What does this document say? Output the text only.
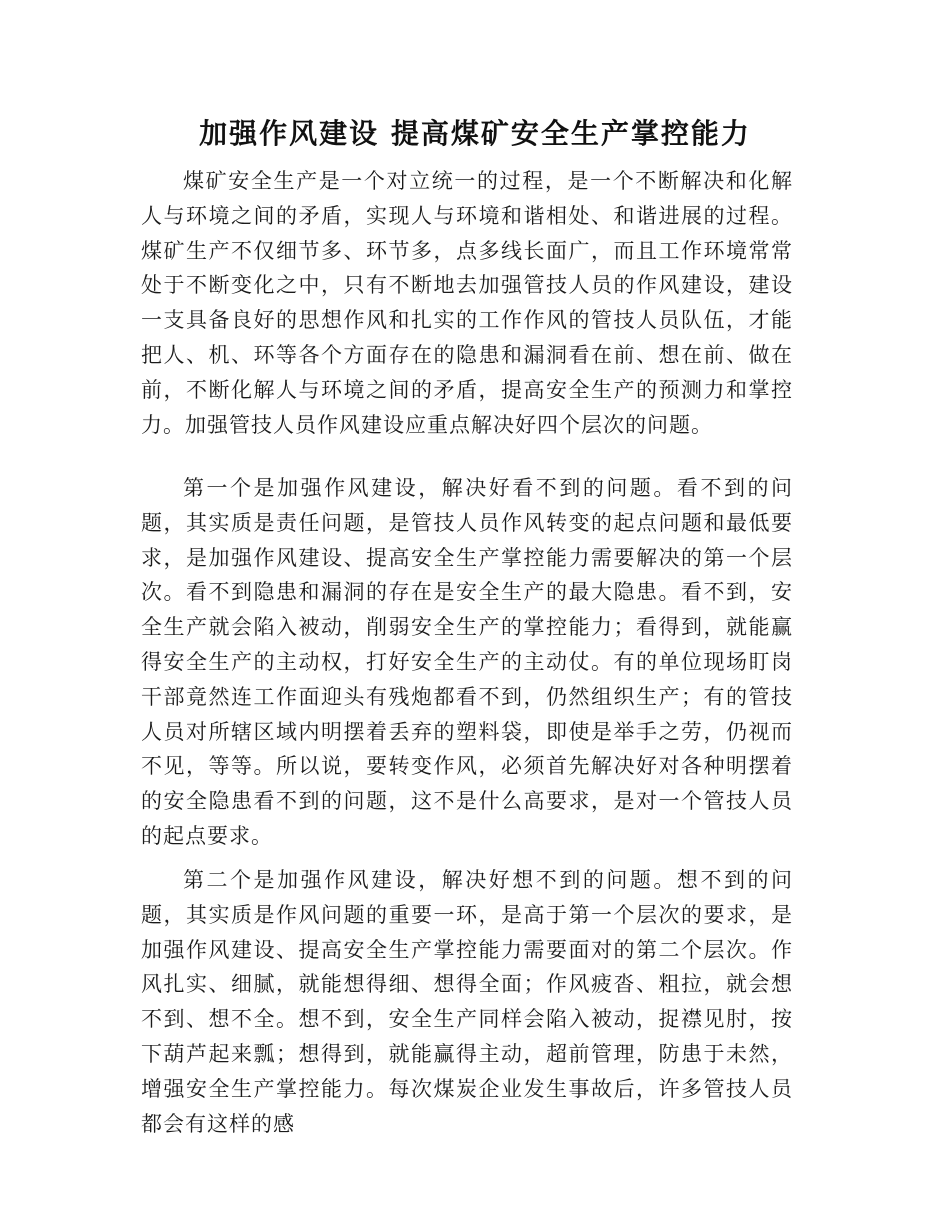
加强作风建设 提高煤矿安全生产掌控能力

煤矿安全生产是一个对立统一的过程，是一个不断解决和化解人与环境之间的矛盾，实现人与环境和谐相处、和谐进展的过程。煤矿生产不仅细节多、环节多，点多线长面广，而且工作环境常常处于不断变化之中，只有不断地去加强管技人员的作风建设，建设一支具备良好的思想作风和扎实的工作作风的管技人员队伍，才能把人、机、环等各个方面存在的隐患和漏洞看在前、想在前、做在前，不断化解人与环境之间的矛盾，提高安全生产的预测力和掌控力。加强管技人员作风建设应重点解决好四个层次的问题。

第一个是加强作风建设，解决好看不到的问题。看不到的问题，其实质是责任问题，是管技人员作风转变的起点问题和最低要求，是加强作风建设、提高安全生产掌控能力需要解决的第一个层次。看不到隐患和漏洞的存在是安全生产的最大隐患。看不到，安全生产就会陷入被动，削弱安全生产的掌控能力；看得到，就能赢得安全生产的主动权，打好安全生产的主动仗。有的单位现场盯岗干部竟然连工作面迎头有残炮都看不到，仍然组织生产；有的管技人员对所辖区域内明摆着丢弃的塑料袋，即使是举手之劳，仍视而不见，等等。所以说，要转变作风，必须首先解决好对各种明摆着的安全隐患看不到的问题，这不是什么高要求，是对一个管技人员的起点要求。

第二个是加强作风建设，解决好想不到的问题。想不到的问题，其实质是作风问题的重要一环，是高于第一个层次的要求，是加强作风建设、提高安全生产掌控能力需要面对的第二个层次。作风扎实、细腻，就能想得细、想得全面；作风疲沓、粗拉，就会想不到、想不全。想不到，安全生产同样会陷入被动，捉襟见肘，按下葫芦起来瓢；想得到，就能赢得主动，超前管理，防患于未然，增强安全生产掌控能力。每次煤炭企业发生事故后，许多管技人员都会有这样的感
